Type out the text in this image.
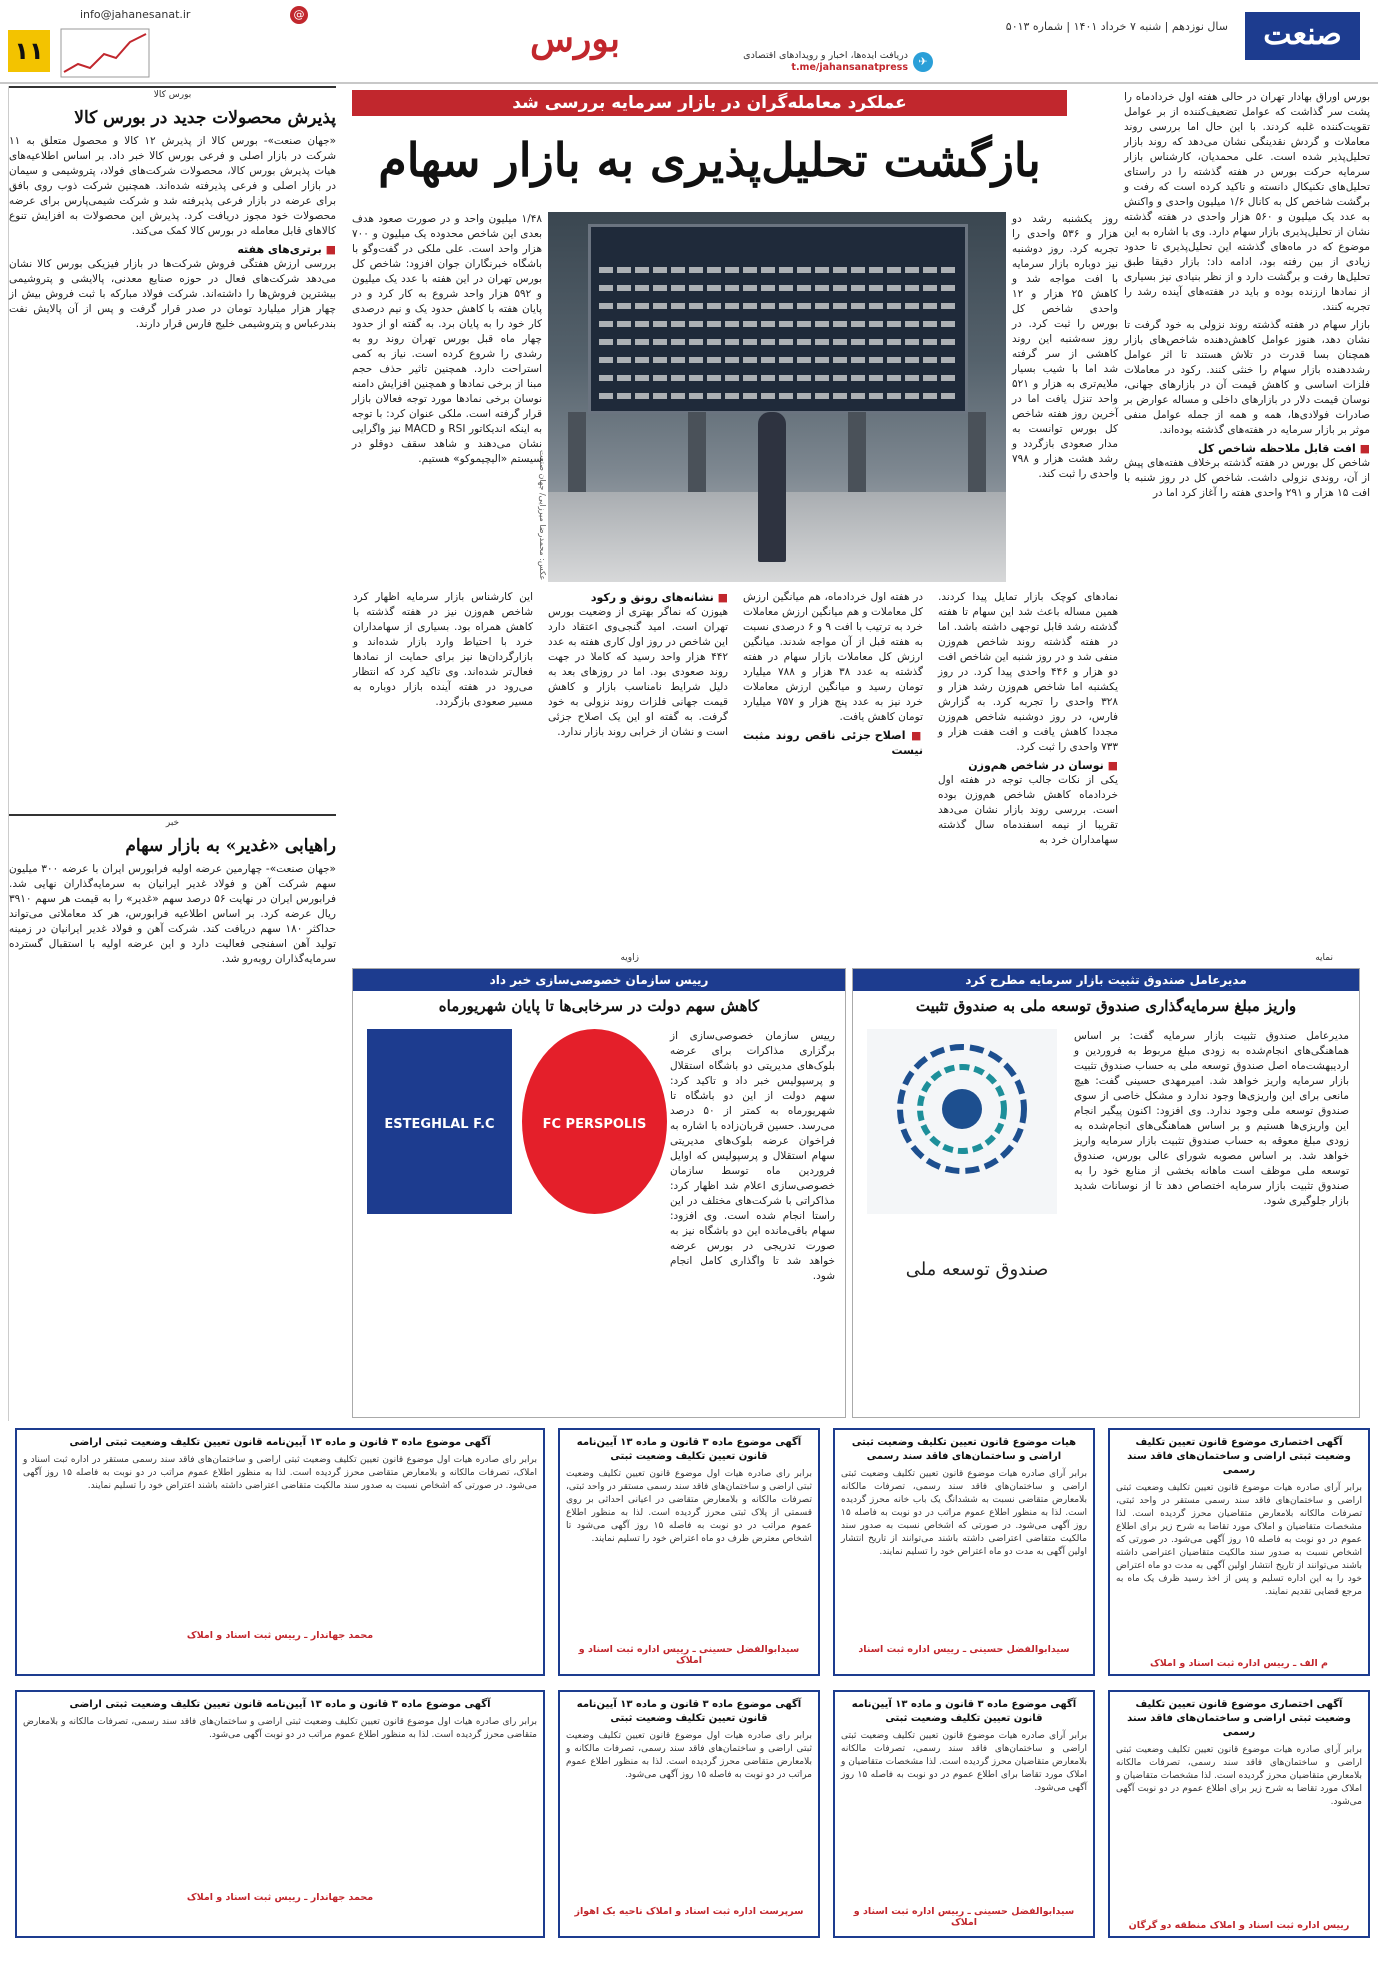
صنعت
سال نوزدهم | شنبه ۷ خرداد ۱۴۰۱ | شماره ۵۰۱۳
بورس
✈
دریافت ایده‌ها، اخبار و رویدادهای اقتصادی
t.me/jahansanatpress
@
info@jahanesanat.ir
۱۱
عملکرد معامله‌گران در بازار سرمایه بررسی شد
بازگشت تحلیل‌پذیری به بازار سهام
عکس: محمدرضا میرزایی/ جهان صنعت

بورس اوراق بهادار تهران در حالی هفته اول خردادماه را پشت سر گذاشت که عوامل تضعیف‌کننده از بر عوامل تقویت‌کننده غلبه کردند. با این حال اما بررسی روند معاملات و گردش نقدینگی نشان می‌دهد که روند بازار تحلیل‌پذیر شده است. علی محمدیان، کارشناس بازار سرمایه حرکت بورس در هفته گذشته را در راستای تحلیل‌های تکنیکال دانسته و تاکید کرده است که رفت و برگشت شاخص کل به کانال ۱/۶ میلیون واحدی و واکنش به عدد یک میلیون و ۵۶۰ هزار واحدی در هفته گذشته نشان از تحلیل‌پذیری بازار سهام دارد. وی با اشاره به این موضوع که در ماه‌های گذشته این تحلیل‌پذیری تا حدود زیادی از بین رفته بود، ادامه داد: بازار دقیقا طبق تحلیل‌ها رفت و برگشت دارد و از نظر بنیادی نیز بسیاری از نمادها ارزنده بوده و باید در هفته‌های آینده رشد را تجربه کنند.

بازار سهام در هفته گذشته روند نزولی به خود گرفت تا نشان دهد، هنوز عوامل کاهش‌دهنده شاخص‌های بازار همچنان بسا قدرت در تلاش هستند تا اثر عوامل رشددهنده بازار سهام را خنثی کنند. رکود در معاملات فلزات اساسی و کاهش قیمت آن در بازارهای جهانی، نوسان قیمت دلار در بازارهای داخلی و مساله عوارض بر صادرات فولادی‌ها، همه و همه از جمله عوامل منفی موثر بر بازار سرمایه در هفته‌های گذشته بوده‌اند.

■ افت قابل ملاحظه شاخص کل

شاخص کل بورس در هفته گذشته برخلاف هفته‌های پیش از آن، روندی نزولی داشت. شاخص کل در روز شنبه با افت ۱۵ هزار و ۲۹۱ واحدی هفته را آغاز کرد اما در

روز یکشنبه رشد دو هزار و ۵۳۶ واحدی را تجربه کرد. روز دوشنبه نیز دوباره بازار سرمایه با افت مواجه شد و کاهش ۲۵ هزار و ۱۲ واحدی شاخص کل بورس را ثبت کرد. در روز سه‌شنبه این روند کاهشی از سر گرفته شد اما با شیب بسیار ملایم‌تری به هزار و ۵۲۱ واحد تنزل یافت اما در آخرین روز هفته شاخص کل بورس توانست به مدار صعودی بازگردد و رشد هشت هزار و ۷۹۸ واحدی را ثبت کند.
۱/۴۸ میلیون واحد و در صورت صعود هدف بعدی این شاخص محدوده یک میلیون و ۷۰۰ هزار واحد است. علی ملکی در گفت‌وگو با باشگاه خبرنگاران جوان افزود: شاخص کل بورس تهران در این هفته با عدد یک میلیون و ۵۹۲ هزار واحد شروع به کار کرد و در پایان هفته با کاهش حدود یک و نیم درصدی کار خود را به پایان برد. به گفته او از حدود چهار ماه قبل بورس تهران روند رو به رشدی را شروع کرده است. نیاز به کمی استراحت دارد. همچنین تاثیر حذف حجم مبنا از برخی نمادها و همچنین افزایش دامنه نوسان برخی نمادها مورد توجه فعالان بازار قرار گرفته است. ملکی عنوان کرد: با توجه به اینکه اندیکاتور RSI و MACD نیز واگرایی نشان می‌دهند و شاهد سقف دوقلو در سیستم «الیچیموکو» هستیم.

نمادهای کوچک بازار تمایل پیدا کردند. همین مساله باعث شد این سهام تا هفته گذشته رشد قابل توجهی داشته باشد. اما در هفته گذشته روند شاخص هم‌وزن منفی شد و در روز شنبه این شاخص افت دو هزار و ۴۴۶ واحدی پیدا کرد. در روز یکشنبه اما شاخص هم‌وزن رشد هزار و ۳۲۸ واحدی را تجربه کرد. به گزارش فارس، در روز دوشنبه شاخص هم‌وزن مجددا کاهش یافت و افت هفت هزار و ۷۳۳ واحدی را ثبت کرد.

■ نوسان در شاخص هم‌وزن

یکی از نکات جالب توجه در هفته اول خردادماه کاهش شاخص هم‌وزن بوده است. بررسی روند بازار نشان می‌دهد تقریبا از نیمه اسفندماه سال گذشته سهامداران خرد به

در هفته اول خردادماه، هم میانگین ارزش کل معاملات و هم میانگین ارزش معاملات خرد به ترتیب با افت ۹ و ۶ درصدی نسبت به هفته قبل از آن مواجه شدند. میانگین ارزش کل معاملات بازار سهام در هفته گذشته به عدد ۳۸ هزار و ۷۸۸ میلیارد تومان رسید و میانگین ارزش معاملات خرد نیز به عدد پنج هزار و ۷۵۷ میلیارد تومان کاهش یافت.

■ اصلاح جزئی ناقص روند مثبت نیست
■ نشانه‌های رونق و رکود

هیوزن که نماگر بهتری از وضعیت بورس تهران است. امید گنجی‌وی اعتقاد دارد این شاخص در روز اول کاری هفته به عدد ۴۴۲ هزار واحد رسید که کاملا در جهت روند صعودی بود. اما در روزهای بعد به دلیل شرایط نامناسب بازار و کاهش قیمت جهانی فلزات روند نزولی به خود گرفت. به گفته او این یک اصلاح جزئی است و نشان از خرابی روند بازار ندارد.

این کارشناس بازار سرمایه اظهار کرد شاخص هم‌وزن نیز در هفته گذشته با کاهش همراه بود. بسیاری از سهامداران خرد با احتیاط وارد بازار شده‌اند و بازارگردان‌ها نیز برای حمایت از نمادها فعال‌تر شده‌اند. وی تاکید کرد که انتظار می‌رود در هفته آینده بازار دوباره به مسیر صعودی بازگردد.
بورس کالا
پذیرش محصولات جدید در بورس کالا

«جهان صنعت»- بورس کالا از پذیرش ۱۲ کالا و محصول متعلق به ۱۱ شرکت در بازار اصلی و فرعی بورس کالا خبر داد. بر اساس اطلاعیه‌های هیات پذیرش بورس کالا، محصولات شرکت‌های فولاد، پتروشیمی و سیمان در بازار اصلی و فرعی پذیرفته شده‌اند. همچنین شرکت ذوب روی بافق برای عرضه در بازار فرعی پذیرفته شد و شرکت شیمی‌پارس برای عرضه محصولات خود مجوز دریافت کرد. پذیرش این محصولات به افزایش تنوع کالاهای قابل معامله در بورس کالا کمک می‌کند.

■ برتری‌های هفته

بررسی ارزش هفتگی فروش شرکت‌ها در بازار فیزیکی بورس کالا نشان می‌دهد شرکت‌های فعال در حوزه صنایع معدنی، پالایشی و پتروشیمی بیشترین فروش‌ها را داشته‌اند. شرکت فولاد مبارکه با ثبت فروش بیش از چهار هزار میلیارد تومان در صدر قرار گرفت و پس از آن پالایش نفت بندرعباس و پتروشیمی خلیج فارس قرار دارند.

خبر
راهیابی «غدیر» به بازار سهام
«جهان صنعت»- چهارمین عرضه اولیه فرابورس ایران با عرضه ۳۰۰ میلیون سهم شرکت آهن و فولاد غدیر ایرانیان به سرمایه‌گذاران نهایی شد. فرابورس ایران در نهایت ۵۶ درصد سهم «غدیر» را به قیمت هر سهم ۳۹۱۰ ریال عرضه کرد. بر اساس اطلاعیه فرابورس، هر کد معاملاتی می‌تواند حداکثر ۱۸۰ سهم دریافت کند. شرکت آهن و فولاد غدیر ایرانیان در زمینه تولید آهن اسفنجی فعالیت دارد و این عرضه اولیه با استقبال گسترده سرمایه‌گذاران روبه‌رو شد.	نمایه
مدیرعامل صندوق تثبیت بازار سرمایه مطرح کرد
واریز مبلغ سرمایه‌گذاری صندوق توسعه ملی به صندوق تثبیت
صندوق توسعه ملی
مدیرعامل صندوق تثبیت بازار سرمایه گفت: بر اساس هماهنگی‌های انجام‌شده به زودی مبلغ مربوط به فروردین و اردیبهشت‌ماه اصل صندوق توسعه ملی به حساب صندوق تثبیت بازار سرمایه واریز خواهد شد. امیرمهدی حسینی گفت: هیچ مانعی برای این واریزی‌ها وجود ندارد و مشکل خاصی از سوی صندوق توسعه ملی وجود ندارد. وی افزود: اکنون پیگیر انجام این واریزی‌ها هستیم و بر اساس هماهنگی‌های انجام‌شده به زودی مبلغ معوقه به حساب صندوق تثبیت بازار سرمایه واریز خواهد شد. بر اساس مصوبه شورای عالی بورس، صندوق توسعه ملی موظف است ماهانه بخشی از منابع خود را به صندوق تثبیت بازار سرمایه اختصاص دهد تا از نوسانات شدید بازار جلوگیری شود.
زاویه
رییس سازمان خصوصی‌سازی خبر داد
کاهش سهم دولت در سرخابی‌ها تا پایان شهریورماه
رییس سازمان خصوصی‌سازی از برگزاری مذاکرات برای عرضه بلوک‌های مدیریتی دو باشگاه استقلال و پرسپولیس خبر داد و تاکید کرد: سهم دولت از این دو باشگاه تا شهریورماه به کمتر از ۵۰ درصد می‌رسد. حسین قربان‌زاده با اشاره به فراخوان عرضه بلوک‌های مدیریتی سهام استقلال و پرسپولیس که اوایل فروردین ماه توسط سازمان خصوصی‌سازی اعلام شد اظهار کرد: مذاکراتی با شرکت‌های مختلف در این راستا انجام شده است. وی افزود: سهام باقی‌مانده این دو باشگاه نیز به صورت تدریجی در بورس عرضه خواهد شد تا واگذاری کامل انجام شود.
ESTEGHLAL F.C	FC PERSPOLIS
آگهی اختصاری موضوع قانون تعیین تکلیف وضعیت ثبتی اراضی و ساختمان‌های فاقد سند رسمی
برابر آرای صادره هیات موضوع قانون تعیین تکلیف وضعیت ثبتی اراضی و ساختمان‌های فاقد سند رسمی مستقر در واحد ثبتی، تصرفات مالکانه بلامعارض متقاضیان محرز گردیده است. لذا مشخصات متقاضیان و املاک مورد تقاضا به شرح زیر برای اطلاع عموم در دو نوبت به فاصله ۱۵ روز آگهی می‌شود. در صورتی که اشخاص نسبت به صدور سند مالکیت متقاضیان اعتراضی داشته باشند می‌توانند از تاریخ انتشار اولین آگهی به مدت دو ماه اعتراض خود را به این اداره تسلیم و پس از اخذ رسید ظرف یک ماه به مرجع قضایی تقدیم نمایند.
م الف ـ رییس اداره ثبت اسناد و املاک
هیات موضوع قانون تعیین تکلیف وضعیت ثبتی اراضی و ساختمان‌های فاقد سند رسمی
برابر آرای صادره هیات موضوع قانون تعیین تکلیف وضعیت ثبتی اراضی و ساختمان‌های فاقد سند رسمی، تصرفات مالکانه بلامعارض متقاضی نسبت به ششدانگ یک باب خانه محرز گردیده است. لذا به منظور اطلاع عموم مراتب در دو نوبت به فاصله ۱۵ روز آگهی می‌شود. در صورتی که اشخاص نسبت به صدور سند مالکیت متقاضی اعتراضی داشته باشند می‌توانند از تاریخ انتشار اولین آگهی به مدت دو ماه اعتراض خود را تسلیم نمایند.
سیدابوالفضل حسینی ـ رییس اداره ثبت اسناد
آگهی موضوع ماده ۳ قانون و ماده ۱۳ آیین‌نامه قانون تعیین تکلیف وضعیت ثبتی
برابر رای صادره هیات اول موضوع قانون تعیین تکلیف وضعیت ثبتی اراضی و ساختمان‌های فاقد سند رسمی مستقر در واحد ثبتی، تصرفات مالکانه و بلامعارض متقاضی در اعیانی احداثی بر روی قسمتی از پلاک ثبتی محرز گردیده است. لذا به منظور اطلاع عموم مراتب در دو نوبت به فاصله ۱۵ روز آگهی می‌شود تا اشخاص معترض ظرف دو ماه اعتراض خود را تسلیم نمایند.
سیدابوالفضل حسینی ـ رییس اداره ثبت اسناد و املاک
آگهی موضوع ماده ۳ قانون و ماده ۱۳ آیین‌نامه قانون تعیین تکلیف وضعیت ثبتی اراضی
برابر رای صادره هیات اول موضوع قانون تعیین تکلیف وضعیت ثبتی اراضی و ساختمان‌های فاقد سند رسمی مستقر در اداره ثبت اسناد و املاک، تصرفات مالکانه و بلامعارض متقاضی محرز گردیده است. لذا به منظور اطلاع عموم مراتب در دو نوبت به فاصله ۱۵ روز آگهی می‌شود. در صورتی که اشخاص نسبت به صدور سند مالکیت متقاضی اعتراضی داشته باشند اعتراض خود را تسلیم نمایند.
محمد جهاندار ـ رییس ثبت اسناد و املاک
آگهی اختصاری موضوع قانون تعیین تکلیف وضعیت ثبتی اراضی و ساختمان‌های فاقد سند رسمی
برابر آرای صادره هیات موضوع قانون تعیین تکلیف وضعیت ثبتی اراضی و ساختمان‌های فاقد سند رسمی، تصرفات مالکانه بلامعارض متقاضیان محرز گردیده است. لذا مشخصات متقاضیان و املاک مورد تقاضا به شرح زیر برای اطلاع عموم در دو نوبت آگهی می‌شود.
رییس اداره ثبت اسناد و املاک منطقه دو گرگان
آگهی موضوع ماده ۳ قانون و ماده ۱۳ آیین‌نامه قانون تعیین تکلیف وضعیت ثبتی
برابر آرای صادره هیات موضوع قانون تعیین تکلیف وضعیت ثبتی اراضی و ساختمان‌های فاقد سند رسمی، تصرفات مالکانه بلامعارض متقاضیان محرز گردیده است. لذا مشخصات متقاضیان و املاک مورد تقاضا برای اطلاع عموم در دو نوبت به فاصله ۱۵ روز آگهی می‌شود.
سیدابوالفضل حسینی ـ رییس اداره ثبت اسناد و املاک
آگهی موضوع ماده ۳ قانون و ماده ۱۳ آیین‌نامه قانون تعیین تکلیف وضعیت ثبتی
برابر رای صادره هیات اول موضوع قانون تعیین تکلیف وضعیت ثبتی اراضی و ساختمان‌های فاقد سند رسمی، تصرفات مالکانه و بلامعارض متقاضی محرز گردیده است. لذا به منظور اطلاع عموم مراتب در دو نوبت به فاصله ۱۵ روز آگهی می‌شود.
سرپرست اداره ثبت اسناد و املاک ناحیه یک اهواز
آگهی موضوع ماده ۳ قانون و ماده ۱۳ آیین‌نامه قانون تعیین تکلیف وضعیت ثبتی اراضی
برابر رای صادره هیات اول موضوع قانون تعیین تکلیف وضعیت ثبتی اراضی و ساختمان‌های فاقد سند رسمی، تصرفات مالکانه و بلامعارض متقاضی محرز گردیده است. لذا به منظور اطلاع عموم مراتب در دو نوبت آگهی می‌شود.
محمد جهاندار ـ رییس ثبت اسناد و املاک
